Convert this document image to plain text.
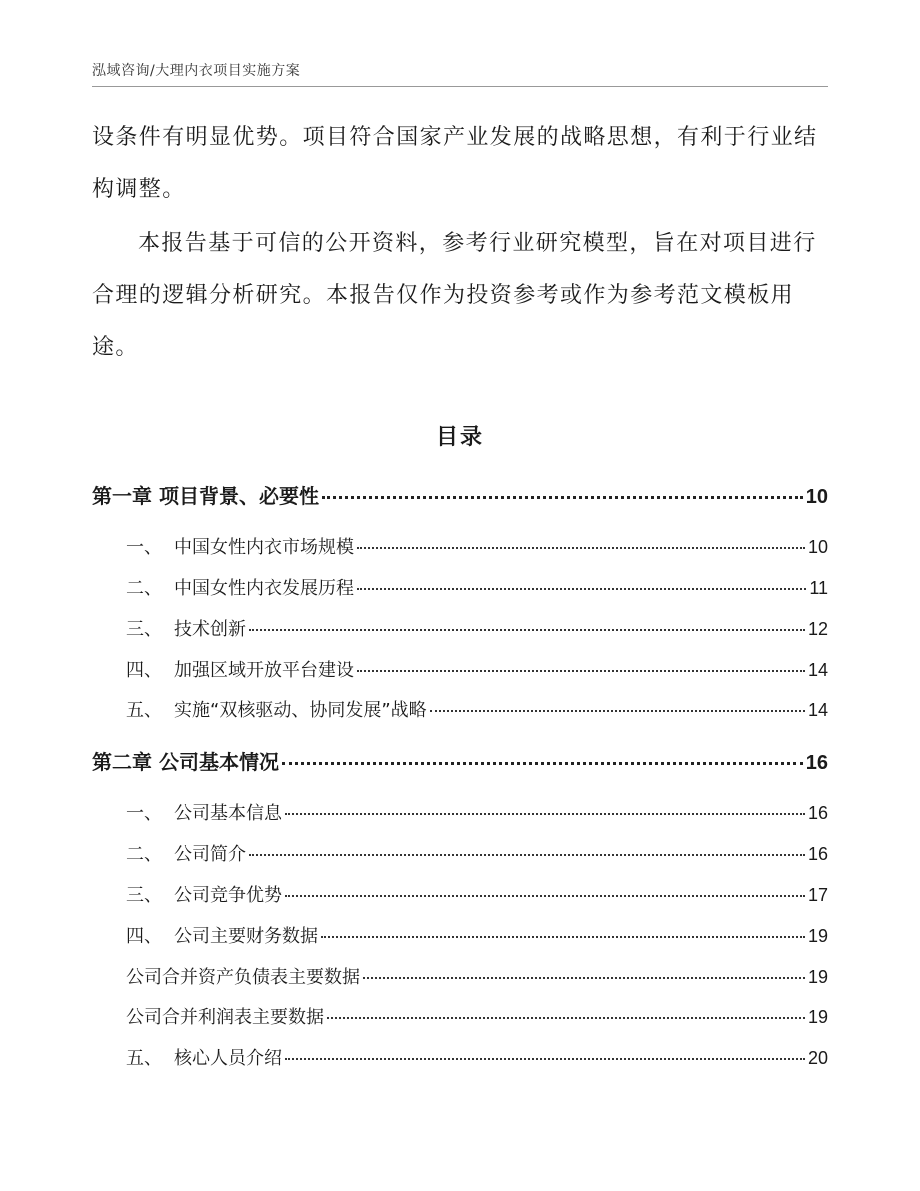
泓域咨询/大理内衣项目实施方案

设条件有明显优势。项目符合国家产业发展的战略思想，有利于行业结构调整。

本报告基于可信的公开资料，参考行业研究模型，旨在对项目进行合理的逻辑分析研究。本报告仅作为投资参考或作为参考范文模板用途。

目录
第一章 项目背景、必要性	10
一、 中国女性内衣市场规模	10
二、 中国女性内衣发展历程	11
三、 技术创新	12
四、 加强区域开放平台建设	14
五、 实施“双核驱动、协同发展”战略	14
第二章 公司基本情况	16
一、 公司基本信息	16
二、 公司简介	16
三、 公司竞争优势	17
四、 公司主要财务数据	19
公司合并资产负债表主要数据	19
公司合并利润表主要数据	19
五、 核心人员介绍	20
